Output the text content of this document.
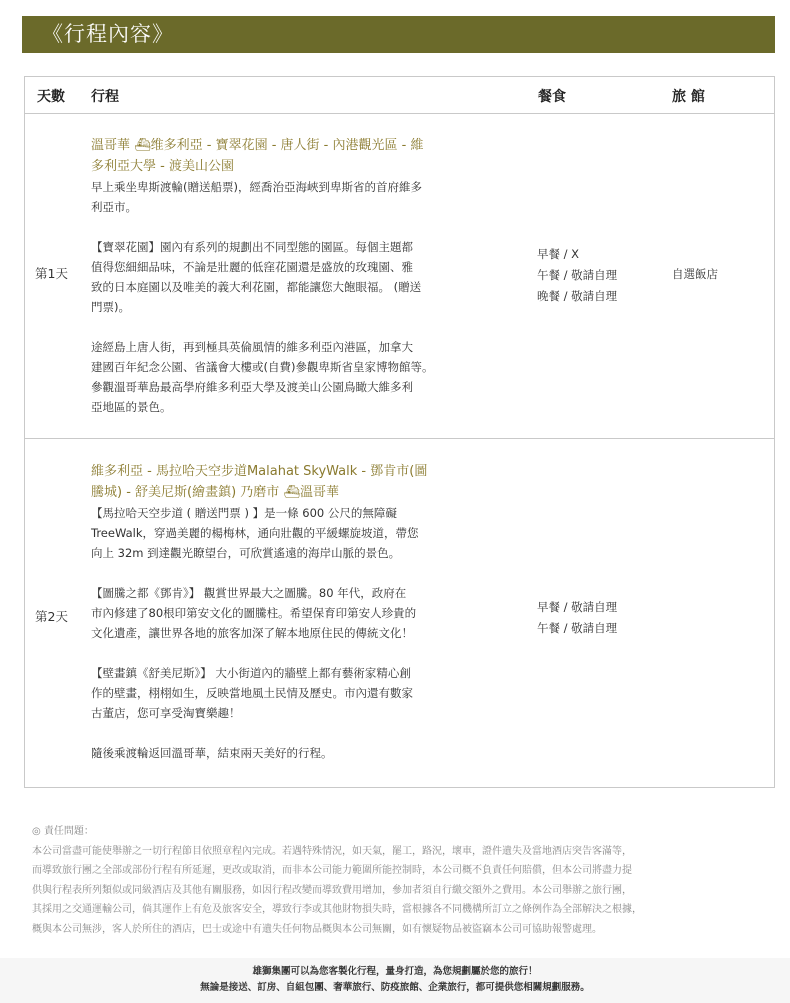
《行程內容》
天數 行程	餐食	旅 館
第1天

溫哥華 ⛴维多利亞 - 寶翠花園 - 唐人街 - 內港觀光區 - 維

多利亞大學 - 渡美山公園

早上乘坐卑斯渡輪(贈送船票)，經喬治亞海峽到卑斯省的首府維多

利亞市。

【寶翠花園】園內有系列的規劃出不同型態的園區。每個主題都

值得您細細品味，不論是壯麗的低窪花園還是盛放的玫瑰園、雅

致的日本庭園以及唯美的義大利花園，都能讓您大飽眼福。 (贈送

門票)。

途經島上唐人街，再到極具英倫風情的維多利亞內港區，加拿大

建國百年紀念公園、省議會大樓或(自費)參觀卑斯省皇家博物館等。

參觀溫哥華島最高學府維多利亞大學及渡美山公園鳥瞰大維多利

亞地區的景色。

早餐 / X
午餐 / 敬請自理
晚餐 / 敬請自理
自選飯店
第2天

維多利亞 - 馬拉哈天空步道Malahat SkyWalk - 鄧肯市(圖

騰城) - 舒美尼斯(繪畫鎮) 乃磨市 ⛴溫哥華

【馬拉哈天空步道 ( 贈送門票 ) 】是一條 600 公尺的無障礙

TreeWalk，穿過美麗的楊梅林，通向壯觀的平緩螺旋坡道，帶您

向上 32m 到達觀光瞭望台，可欣賞遙遠的海岸山脈的景色。

【圖騰之都《鄧肯》】 觀賞世界最大之圖騰。80 年代，政府在

市內修建了80根印第安文化的圖騰柱。希望保育印第安人珍貴的

文化遺產，讓世界各地的旅客加深了解本地原住民的傳統文化！

【壁畫鎮《舒美尼斯》】 大小街道內的牆壁上都有藝術家精心創

作的壁畫，栩栩如生，反映當地風土民情及歷史。市內還有數家

古董店，您可享受淘寶樂趣！

隨後乘渡輪返回溫哥華，結束兩天美好的行程。

早餐 / 敬請自理
午餐 / 敬請自理

◎ 責任問題：

本公司當盡可能使舉辦之一切行程節目依照章程內完成。若遇特殊情況，如天氣，罷工，路況，壞車，證件遺失及當地酒店突告客滿等，

而導致旅行團之全部或部份行程有所延遲，更改或取消，而非本公司能力範圍所能控制時，本公司概不負責任何賠償，但本公司將盡力提

供與行程表所列類似或同級酒店及其他有關服務，如因行程改變而導致費用增加，參加者須自行繳交額外之費用。本公司舉辦之旅行團，

其採用之交通運輸公司，倘其運作上有危及旅客安全，導致行李或其他財物損失時，當根據各不同機構所訂立之條例作為全部解決之根據，

概與本公司無涉，客人於所住的酒店，巴士或途中有遺失任何物品概與本公司無關，如有懷疑物品被盜竊本公司可協助報警處理。

雄獅集團可以為您客製化行程，量身打造，為您規劃屬於您的旅行！

無論是接送、訂房、自組包團、奢華旅行、防疫旅館、企業旅行，都可提供您相關規劃服務。
